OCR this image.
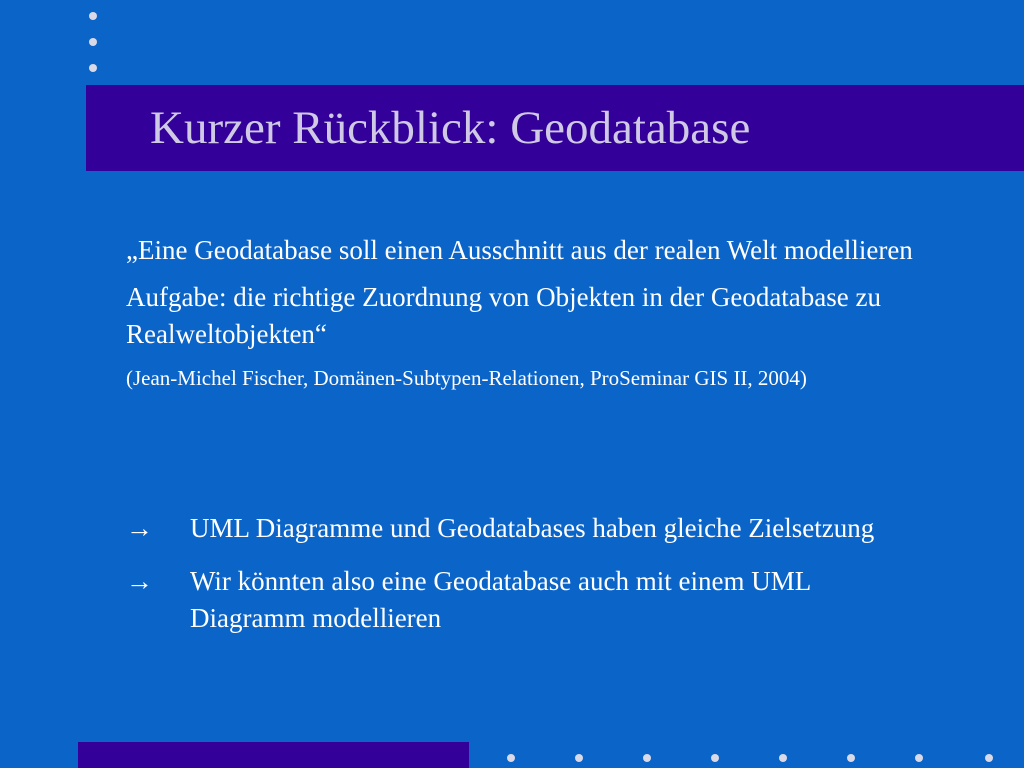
Kurzer Rückblick: Geodatabase

„Eine Geodatabase soll einen Ausschnitt aus der realen Welt modellieren

Aufgabe: die richtige Zuordnung von Objekten in der Geodatabase zu Realweltobjekten“

(Jean-Michel Fischer, Domänen-Subtypen-Relationen, ProSeminar GIS II, 2004)

→	UML Diagramme und Geodatabases haben gleiche Zielsetzung
→	Wir könnten also eine Geodatabase auch mit einem UML Diagramm modellieren
